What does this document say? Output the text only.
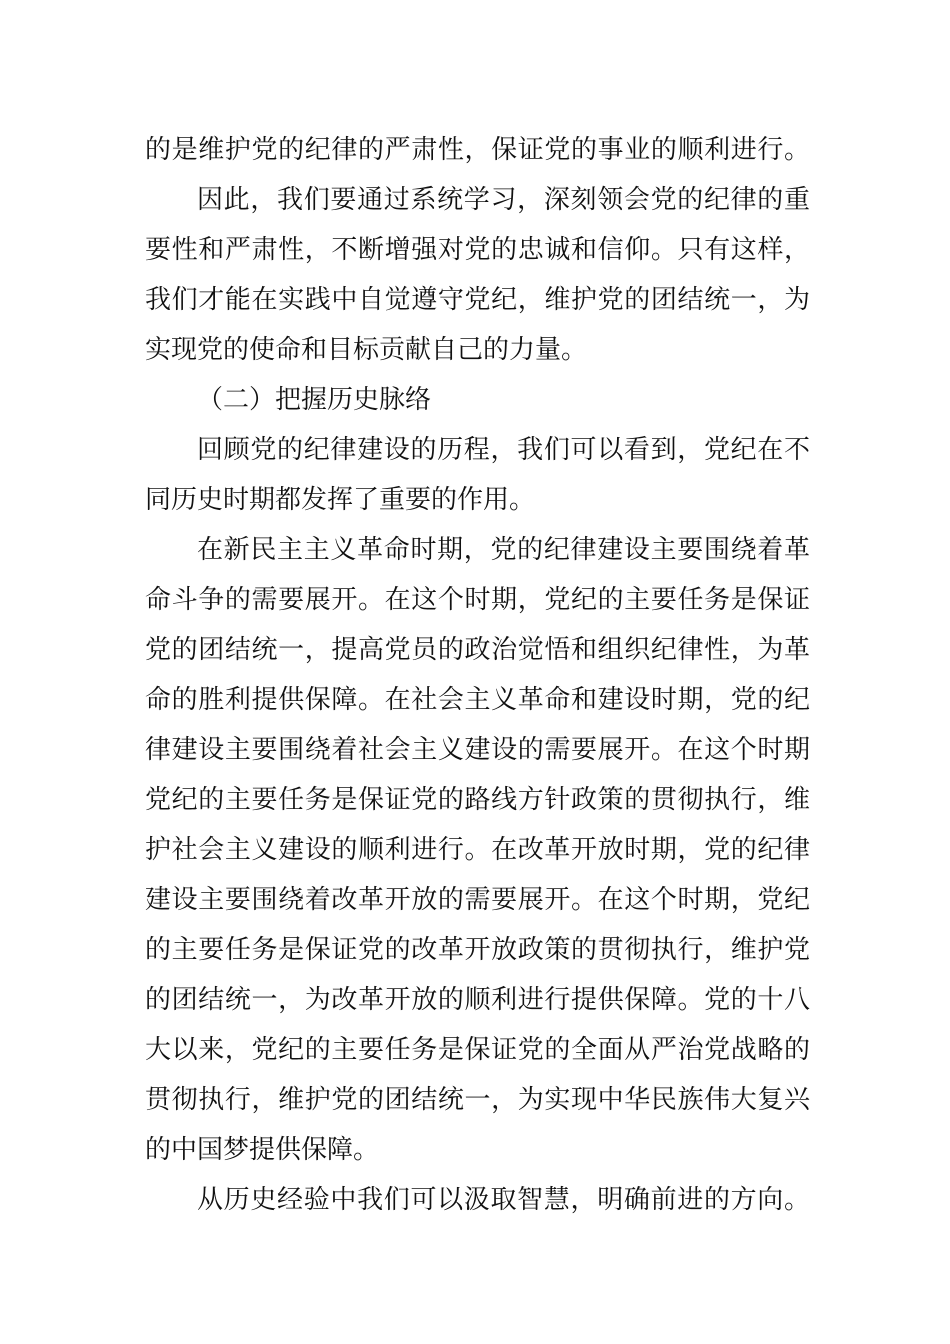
的是维护党的纪律的严肃性，保证党的事业的顺利进行。
因此，我们要通过系统学习，深刻领会党的纪律的重
要性和严肃性，不断增强对党的忠诚和信仰。只有这样，
我们才能在实践中自觉遵守党纪，维护党的团结统一，为
实现党的使命和目标贡献自己的力量。
（二）把握历史脉络
回顾党的纪律建设的历程，我们可以看到，党纪在不
同历史时期都发挥了重要的作用。
在新民主主义革命时期，党的纪律建设主要围绕着革
命斗争的需要展开。在这个时期，党纪的主要任务是保证
党的团结统一，提高党员的政治觉悟和组织纪律性，为革
命的胜利提供保障。在社会主义革命和建设时期，党的纪
律建设主要围绕着社会主义建设的需要展开。在这个时期
党纪的主要任务是保证党的路线方针政策的贯彻执行，维
护社会主义建设的顺利进行。在改革开放时期，党的纪律
建设主要围绕着改革开放的需要展开。在这个时期，党纪
的主要任务是保证党的改革开放政策的贯彻执行，维护党
的团结统一，为改革开放的顺利进行提供保障。党的十八
大以来，党纪的主要任务是保证党的全面从严治党战略的
贯彻执行，维护党的团结统一，为实现中华民族伟大复兴
的中国梦提供保障。
从历史经验中我们可以汲取智慧，明确前进的方向。
